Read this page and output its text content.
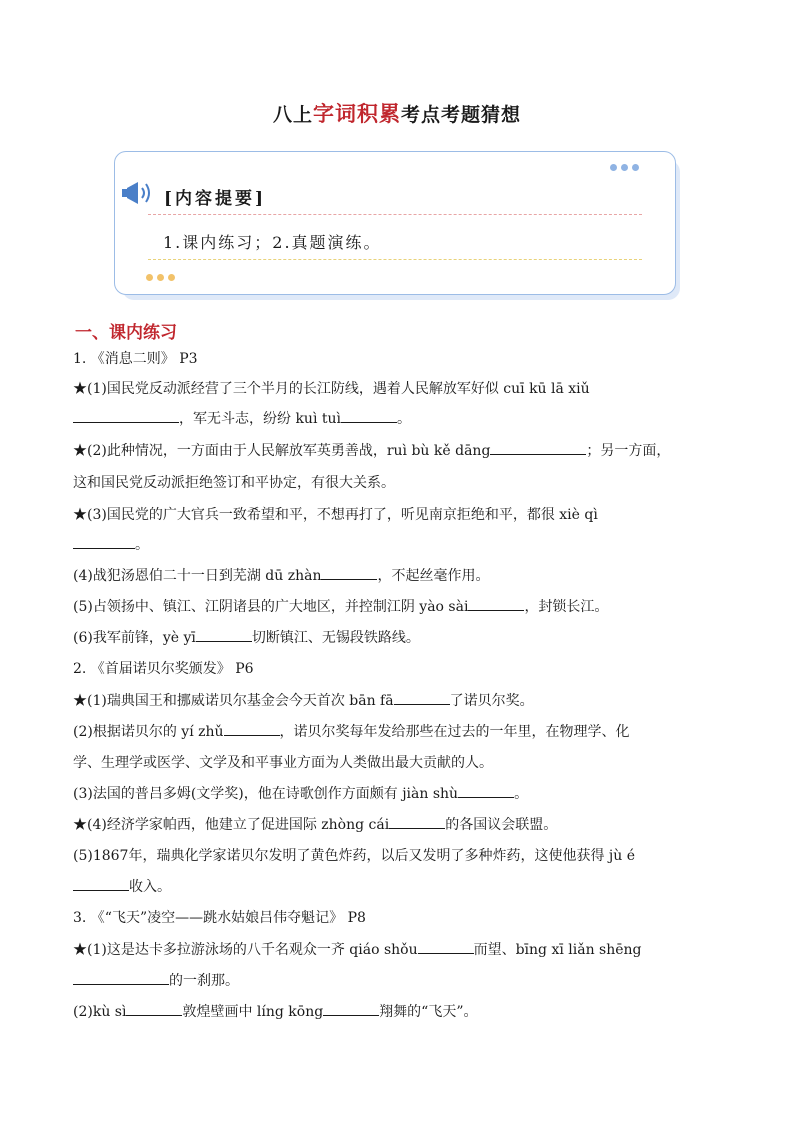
八上字词积累考点考题猜想
[内容提要]
1.课内练习；2.真题演练。
一、课内练习
1. 《消息二则》 P3
★(1)国民党反动派经营了三个半月的长江防线，遇着人民解放军好似 cuī kū lā xiǔ
，军无斗志，纷纷 kuì tuì	。
★(2)此种情况，一方面由于人民解放军英勇善战，ruì bù kě dāng	；另一方面，
这和国民党反动派拒绝签订和平协定，有很大关系。
★(3)国民党的广大官兵一致希望和平，不想再打了，听见南京拒绝和平，都很 xiè qì
。
(4)战犯汤恩伯二十一日到芜湖 dū zhàn	，不起丝毫作用。
(5)占领扬中、镇江、江阴诸县的广大地区，并控制江阴 yào sài	，封锁长江。
(6)我军前锋，yè yī	切断镇江、无锡段铁路线。
2. 《首届诺贝尔奖颁发》 P6
★(1)瑞典国王和挪威诺贝尔基金会今天首次 bān fā	了诺贝尔奖。
(2)根据诺贝尔的 yí zhǔ	，诺贝尔奖每年发给那些在过去的一年里，在物理学、化
学、生理学或医学、文学及和平事业方面为人类做出最大贡献的人。
(3)法国的普吕多姆(文学奖)，他在诗歌创作方面颇有 jiàn shù	。
★(4)经济学家帕西，他建立了促进国际 zhòng cái	的各国议会联盟。
(5)1867年，瑞典化学家诺贝尔发明了黄色炸药，以后又发明了多种炸药，这使他获得 jù é
收入。
3. 《“飞天”凌空——跳水姑娘吕伟夺魁记》 P8
★(1)这是达卡多拉游泳场的八千名观众一齐 qiáo shǒu	而望、bīng xī liǎn shēng
的一刹那。
(2)kù sì	敦煌壁画中 líng kōng	翔舞的“飞天”。
